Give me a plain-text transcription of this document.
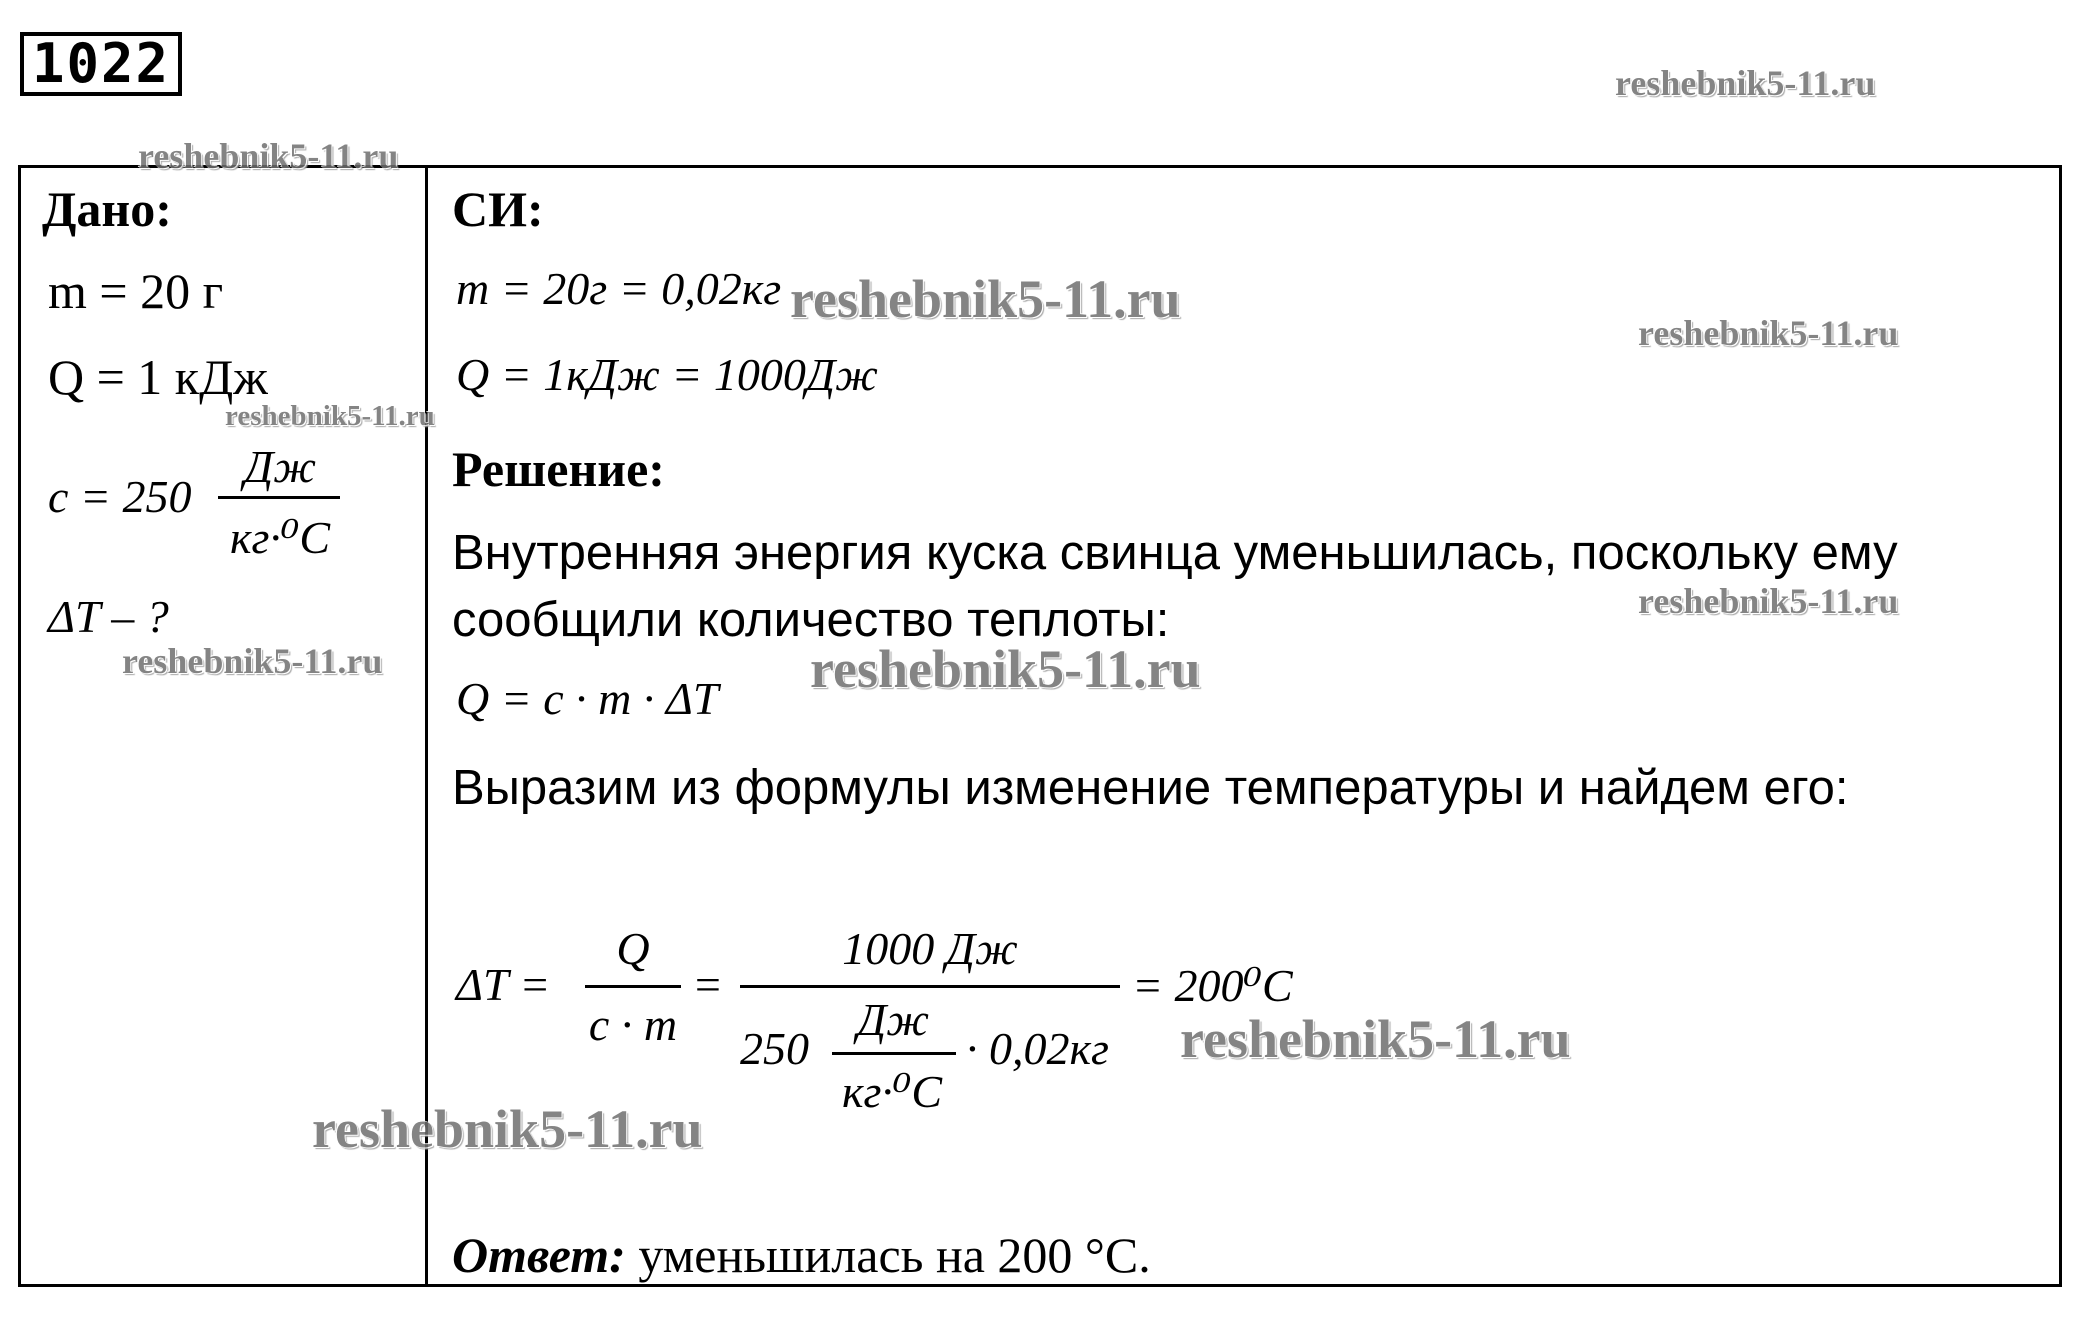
1022
Дано:
m = 20 г
Q = 1 кДж
c = 250
Дж
кг·⁰C
ΔT – ?
СИ:
m = 20г = 0,02кг
Q = 1кДж = 1000Дж
Решение:
Внутренняя энергия куска свинца уменьшилась, поскольку ему
сообщили количество теплоты:
Q = c · m · ΔT
Выразим из формулы изменение температуры и найдем его:
ΔT =
Q
c · m
=
1000 Дж
250
Дж
кг·⁰C
· 0,02кг
= 200⁰C
Ответ: уменьшилась на 200 °C.
reshebnik5-11.ru
reshebnik5-11.ru
reshebnik5-11.ru
reshebnik5-11.ru
reshebnik5-11.ru
reshebnik5-11.ru
reshebnik5-11.ru	reshebnik5-11.ru
reshebnik5-11.ru
reshebnik5-11.ru
